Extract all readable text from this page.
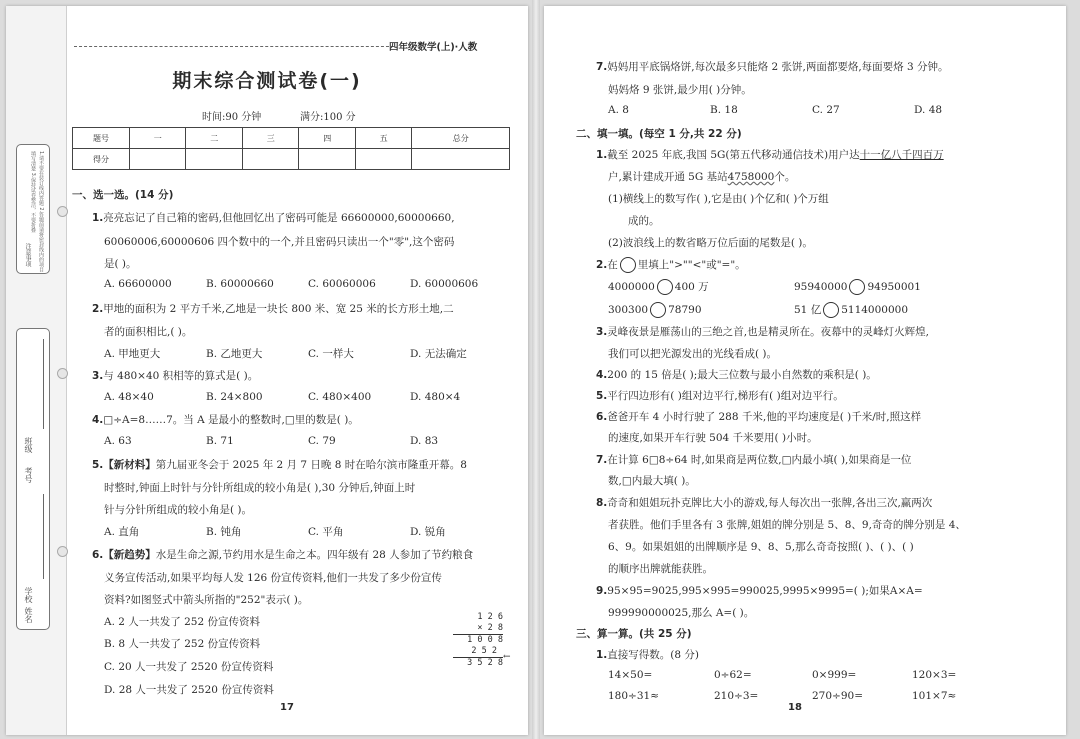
1.请不要在装订线内答题 2.答题前请将密封线内的项目填写清楚 3.保持试卷整洁，不要折叠
注意事项
班级
考号
学校
姓名
四年级数学(上)·人教
期末综合测试卷(一)
时间:90 分钟	满分:100 分
题号	一	二	三	四	五	总分
得分						
一、选一选。(14 分)
1.亮亮忘记了自己箱的密码,但他回忆出了密码可能是 66600000,60000660,
60060006,60000606 四个数中的一个,并且密码只读出一个"零",这个密码
是( )。
A. 66600000	B. 60000660	C. 60060006	D. 60000606
2.甲地的面积为 2 平方千米,乙地是一块长 800 米、宽 25 米的长方形土地,二
者的面积相比,( )。
A. 甲地更大	B. 乙地更大	C. 一样大	D. 无法确定
3.与 480×40 积相等的算式是( )。
A. 48×40	B. 24×800	C. 480×400	D. 480×4
4.□÷A=8……7。当 A 是最小的整数时,□里的数是( )。
A. 63	B. 71	C. 79	D. 83
5.【新材料】第九届亚冬会于 2025 年 2 月 7 日晚 8 时在哈尔滨市隆重开幕。8
时整时,钟面上时针与分针所组成的较小角是( ),30 分钟后,钟面上时
针与分针所组成的较小角是( )。
A. 直角	B. 钝角	C. 平角	D. 锐角
6.【新趋势】水是生命之源,节约用水是生命之本。四年级有 28 人参加了节约粮食
义务宣传活动,如果平均每人发 126 份宣传资料,他们一共发了多少份宣传
资料?如图竖式中箭头所指的"252"表示( )。
A. 2 人一共发了 252 份宣传资料
B. 8 人一共发了 252 份宣传资料
C. 20 人一共发了 2520 份宣传资料
D. 28 人一共发了 2520 份宣传资料
1 2 6
× 2 8
1 0 0 8
2 5 2
3 5 2 8
←
17
7.妈妈用平底锅烙饼,每次最多只能烙 2 张饼,两面都要烙,每面要烙 3 分钟。
妈妈烙 9 张饼,最少用( )分钟。
A. 8	B. 18	C. 27	D. 48
二、填一填。(每空 1 分,共 22 分)
1.截至 2025 年底,我国 5G(第五代移动通信技术)用户达十一亿八千四百万
户,累计建成开通 5G 基站4758000个。
(1)横线上的数写作( ),它是由( )个亿和( )个万组
成的。
(2)波浪线上的数省略万位后面的尾数是( )。
2.在 里填上">""<"或"="。
4000000 400 万	95940000 94950001
300300 78790	51 亿 5114000000
3.灵峰夜景是雁荡山的三绝之首,也是精灵所在。夜幕中的灵峰灯火辉煌,
我们可以把光源发出的光线看成( )。
4.200 的 15 倍是( );最大三位数与最小自然数的乘积是( )。
5.平行四边形有( )组对边平行,梯形有( )组对边平行。
6.爸爸开车 4 小时行驶了 288 千米,他的平均速度是( )千米/时,照这样
的速度,如果开车行驶 504 千米要用( )小时。
7.在计算 6□8÷64 时,如果商是两位数,□内最小填( ),如果商是一位
数,□内最大填( )。
8.奇奇和姐姐玩扑克牌比大小的游戏,每人每次出一张牌,各出三次,赢两次
者获胜。他们手里各有 3 张牌,姐姐的牌分别是 5、8、9,奇奇的牌分别是 4、
6、9。如果姐姐的出牌顺序是 9、8、5,那么奇奇按照( )、( )、( )
的顺序出牌就能获胜。
9.95×95=9025,995×995=990025,9995×9995=( );如果A×A=
999990000025,那么 A=( )。
三、算一算。(共 25 分)
1.直接写得数。(8 分)
14×50=	0÷62=	0×999=	120×3=
180÷31≈	210÷3=	270÷90=	101×7≈
18
